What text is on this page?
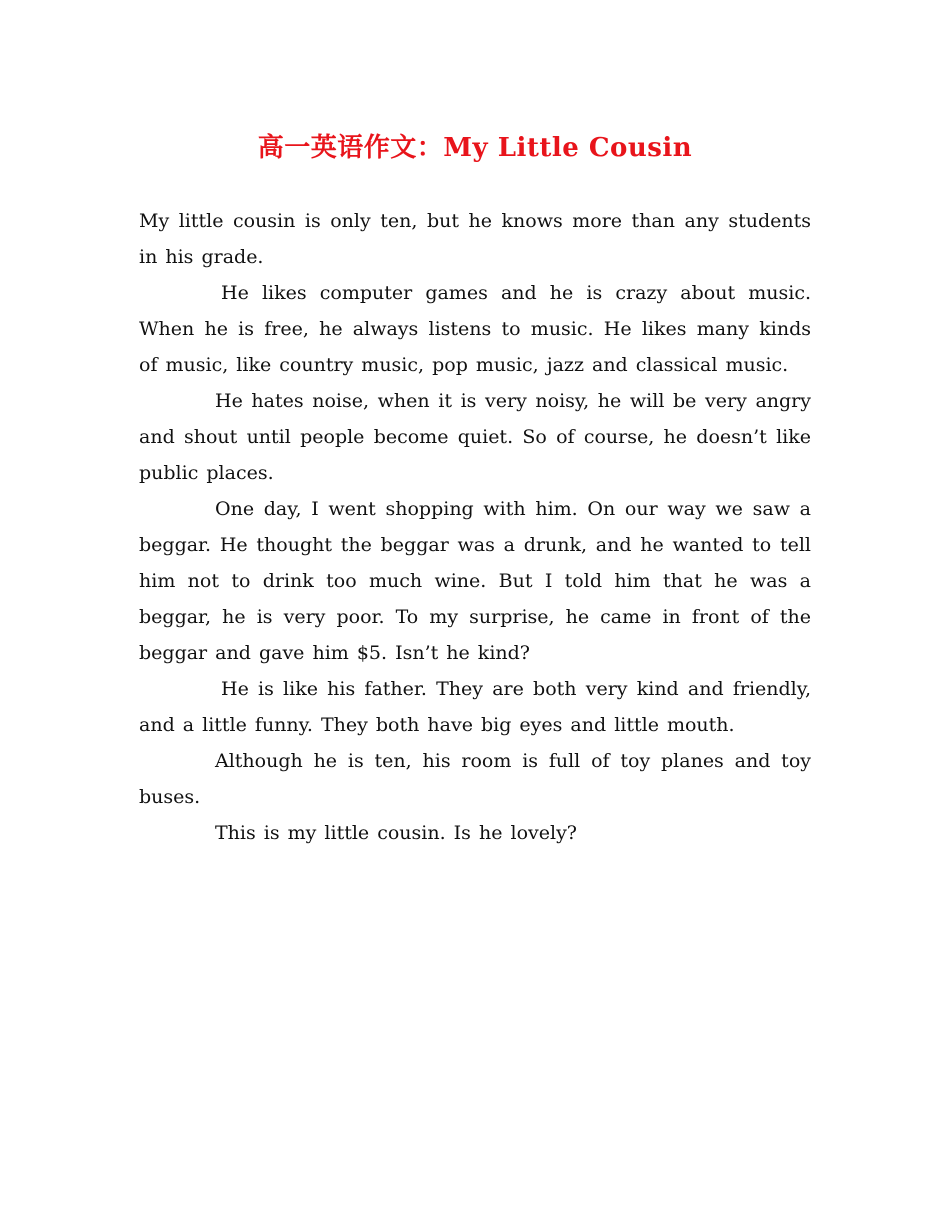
高一英语作文：My Little Cousin

My little cousin is only ten, but he knows more than any students in his grade.

He likes computer games and he is crazy about music. When he is free, he always listens to music. He likes many kinds of music, like country music, pop music, jazz and classical music.

He hates noise, when it is very noisy, he will be very angry and shout until people become quiet. So of course, he doesn’t like public places.

One day, I went shopping with him. On our way we saw a beggar. He thought the beggar was a drunk, and he wanted to tell him not to drink too much wine. But I told him that he was a beggar, he is very poor. To my surprise, he came in front of the beggar and gave him $5. Isn’t he kind?

He is like his father. They are both very kind and friendly, and a little funny. They both have big eyes and little mouth.

Although he is ten, his room is full of toy planes and toy buses.

This is my little cousin. Is he lovely?
